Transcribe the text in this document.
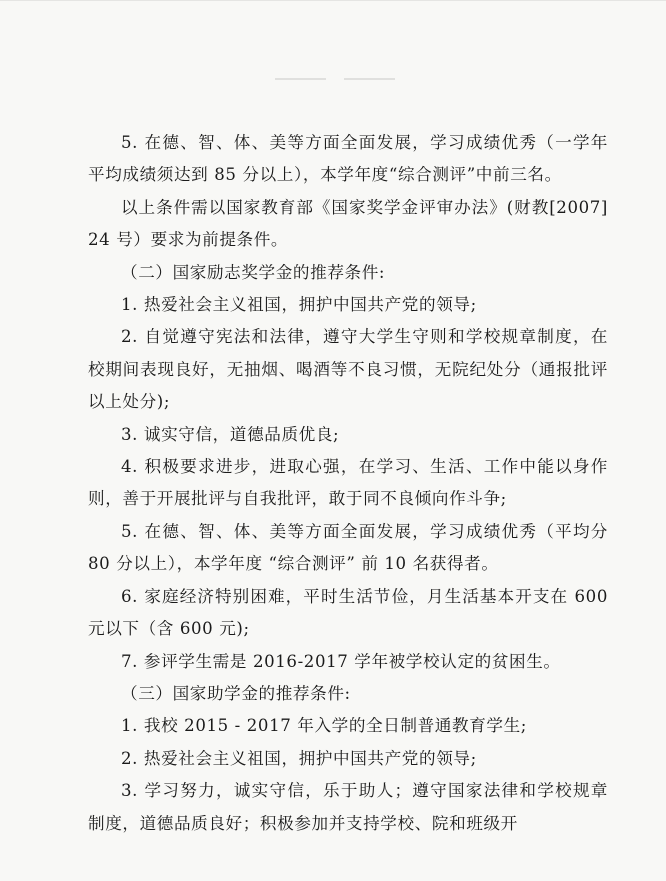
5. 在德、智、体、美等方面全面发展，学习成绩优秀（一学年平均成绩须达到 85 分以上），本学年度“综合测评”中前三名。

以上条件需以国家教育部《国家奖学金评审办法》(财教[2007] 24 号）要求为前提条件。

（二）国家励志奖学金的推荐条件:

1. 热爱社会主义祖国，拥护中国共产党的领导;

2. 自觉遵守宪法和法律，遵守大学生守则和学校规章制度，在校期间表现良好，无抽烟、喝酒等不良习惯，无院纪处分（通报批评以上处分);

3. 诚实守信，道德品质优良;

4. 积极要求进步，进取心强，在学习、生活、工作中能以身作则，善于开展批评与自我批评，敢于同不良倾向作斗争;

5. 在德、智、体、美等方面全面发展，学习成绩优秀（平均分 80 分以上），本学年度 “综合测评” 前 10 名获得者。

6. 家庭经济特别困难，平时生活节俭，月生活基本开支在 600 元以下（含 600 元);

7. 参评学生需是 2016-2017 学年被学校认定的贫困生。

（三）国家助学金的推荐条件:

1. 我校 2015 - 2017 年入学的全日制普通教育学生;

2. 热爱社会主义祖国，拥护中国共产党的领导;

3. 学习努力，诚实守信，乐于助人；遵守国家法律和学校规章制度，道德品质良好；积极参加并支持学校、院和班级开
